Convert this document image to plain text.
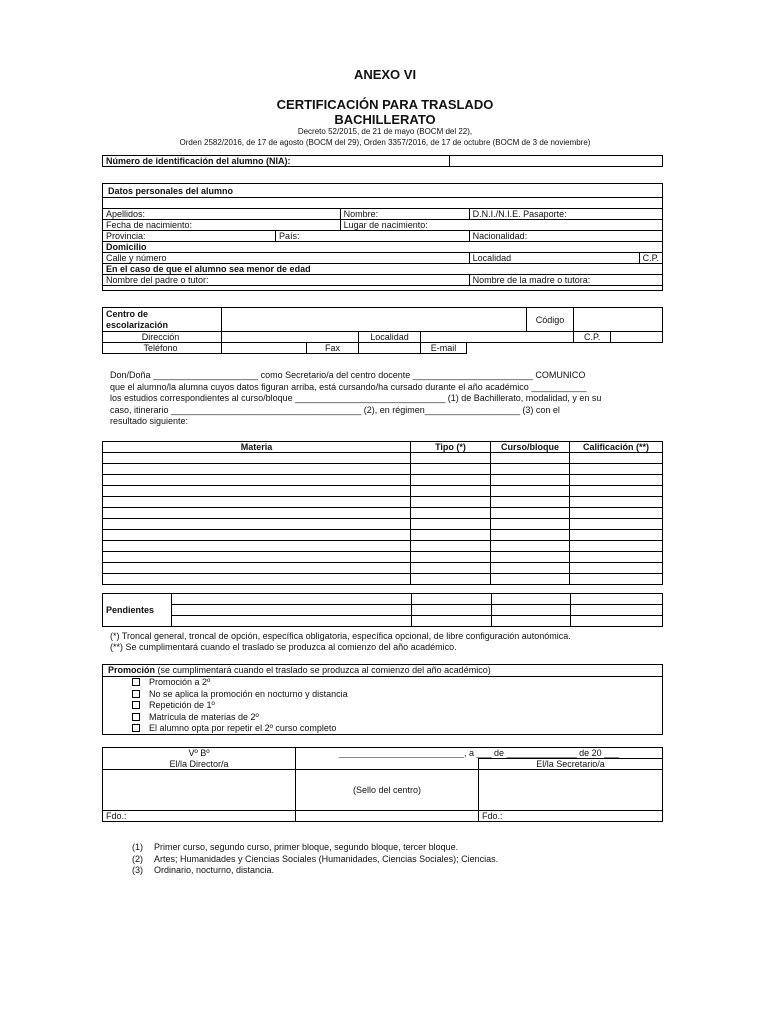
ANEXO VI
CERTIFICACIÓN PARA TRASLADO
BACHILLERATO
Decreto 52/2015, de 21 de mayo (BOCM del 22),
Orden 2582/2016, de 17 de agosto (BOCM del 29), Orden 3357/2016, de 17 de octubre (BOCM de 3 de noviembre)
Número de identificación del alumno (NIA):	
Datos personales del alumno
Apellidos:		Nombre:	D.N.I./N.I.E. Pasaporte:	
Fecha de nacimiento:		Lugar de nacimiento:		
Provincia:	País:		Nacionalidad:	
Domicilio				
Calle y número			Localidad	C.P.
En el caso de que el alumno sea menor de edad				
Nombre del padre o tutor:			Nombre de la madre o tutora:	
Centro de
escolarización						Código		
Dirección			Localidad				C.P.	
Teléfono		Fax		E-mail				
Don/Doña _____________________ como Secretario/a del centro docente ________________________ COMUNICO
que el alumno/la alumna cuyos datos figuran arriba, está cursando/ha cursado durante el año académico ___________
los estudios correspondientes al curso/bloque ______________________________ (1) de Bachillerato, modalidad, y en su
caso, itinerario ______________________________________ (2), en régimen___________________ (3) con el
resultado siguiente:
Materia	Tipo (*)	Curso/bloque	Calificación (**)

Pendientes				

(*) Troncal general, troncal de opción, específica obligatoria, específica opcional, de libre configuración autonómica.
(**) Se cumplimentará cuando el traslado se produzca al comienzo del año académico.
Promoción (se cumplimentará cuando el traslado se produzca al comienzo del año académico)
Promoción a 2º
No se aplica la promoción en nocturno y distancia
Repetición de 1º
Matrícula de materias de 2º
El alumno opta por repetir el 2º curso completo
Vº Bº	_________________________, a ___ de ______________ de 20 ___	
El/la Director/a		El/la Secretario/a
	(Sello del centro)	
Fdo.:		Fdo.:
(1) Primer curso, segundo curso, primer bloque, segundo bloque, tercer bloque.
(2) Artes; Humanidades y Ciencias Sociales (Humanidades, Ciencias Sociales); Ciencias.
(3) Ordinario, nocturno, distancia.
